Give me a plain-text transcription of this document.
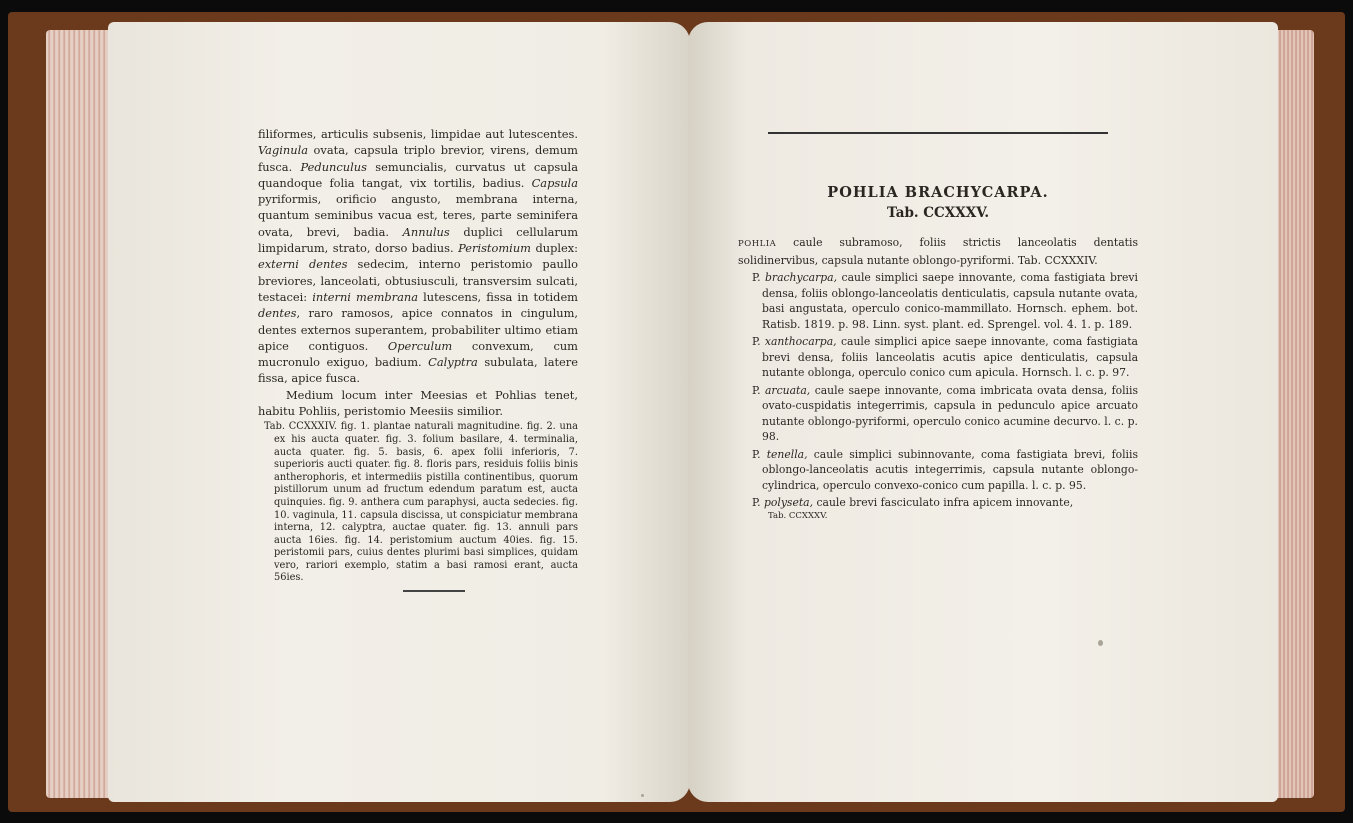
filiformes, articulis subsenis, limpidae aut lutescentes. Vaginula ovata, capsula triplo brevior, virens, demum fusca. Pedunculus semuncialis, curvatus ut capsula quandoque folia tangat, vix tortilis, badius. Capsula pyriformis, orificio angusto, membrana interna, quantum seminibus vacua est, teres, parte seminifera ovata, brevi, badia. Annulus duplici cellularum limpidarum, strato, dorso badius. Peristomium duplex: externi dentes sedecim, interno peristomio paullo breviores, lanceolati, obtusiusculi, transversim sulcati, testacei: interni membrana lutescens, fissa in totidem dentes, raro ramosos, apice connatos in cingulum, dentes externos superantem, probabiliter ultimo etiam apice contiguos. Operculum convexum, cum mucronulo exiguo, badium. Calyptra subulata, latere fissa, apice fusca.

Medium locum inter Meesias et Pohlias tenet, habitu Pohliis, peristomio Meesiis similior.

Tab. CCXXXIV. fig. 1. plantae naturali magnitudine. fig. 2. una ex his aucta quater. fig. 3. folium basilare, 4. terminalia, aucta quater. fig. 5. basis, 6. apex folii inferioris, 7. superioris aucti quater. fig. 8. floris pars, residuis foliis binis antherophoris, et intermediis pistilla continentibus, quorum pistillorum unum ad fructum edendum paratum est, aucta quinquies. fig. 9. anthera cum paraphysi, aucta sedecies. fig. 10. vaginula, 11. capsula discissa, ut conspiciatur membrana interna, 12. calyptra, auctae quater. fig. 13. annuli pars aucta 16ies. fig. 14. peristomium auctum 40ies. fig. 15. peristomii pars, cuius dentes plurimi basi simplices, quidam vero, rariori exemplo, statim a basi ramosi erant, aucta 56ies.

POHLIA BRACHYCARPA.
Tab. CCXXXV.

POHLIA caule subramoso, foliis strictis lanceolatis dentatis solidinervibus, capsula nutante oblongo-pyriformi. Tab. CCXXXIV.

P. brachycarpa, caule simplici saepe innovante, coma fastigiata brevi densa, foliis oblongo-lanceolatis denticulatis, capsula nutante ovata, basi angustata, operculo conico-mammillato. Hornsch. ephem. bot. Ratisb. 1819. p. 98. Linn. syst. plant. ed. Sprengel. vol. 4. 1. p. 189.

P. xanthocarpa, caule simplici apice saepe innovante, coma fastigiata brevi densa, foliis lanceolatis acutis apice denticulatis, capsula nutante oblonga, operculo conico cum apicula. Hornsch. l. c. p. 97.

P. arcuata, caule saepe innovante, coma imbricata ovata densa, foliis ovato-cuspidatis integerrimis, capsula in pedunculo apice arcuato nutante oblongo-pyriformi, operculo conico acumine decurvo. l. c. p. 98.

P. tenella, caule simplici subinnovante, coma fastigiata brevi, foliis oblongo-lanceolatis acutis integerrimis, capsula nutante oblongo-cylindrica, operculo convexo-conico cum papilla. l. c. p. 95.

P. polyseta, caule brevi fasciculato infra apicem innovante,

Tab. CCXXXV.
